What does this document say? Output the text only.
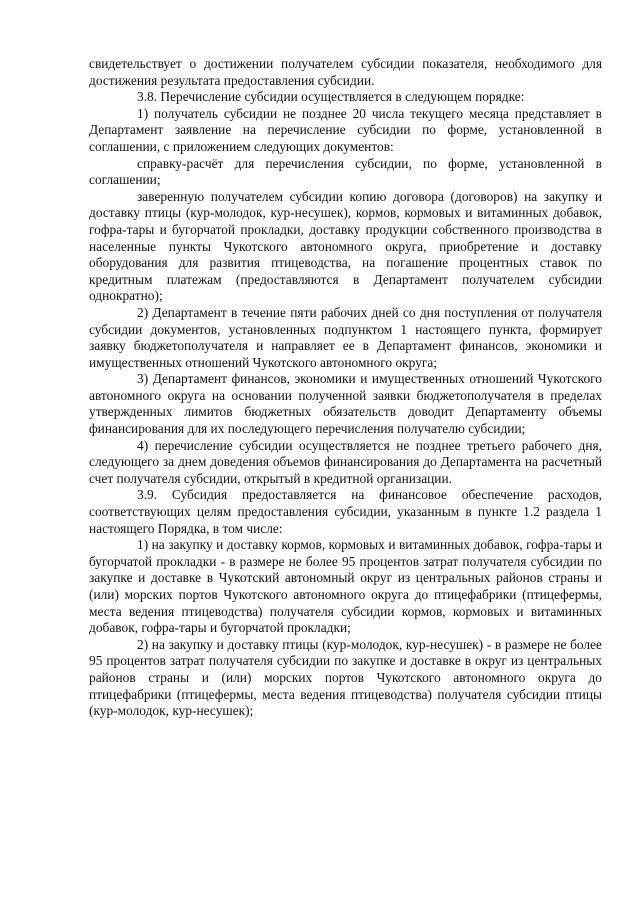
свидетельствует о достижении получателем субсидии показателя, необходимого для достижения результата предоставления субсидии.

3.8. Перечисление субсидии осуществляется в следующем порядке:

1) получатель субсидии не позднее 20 числа текущего месяца представляет в Департамент заявление на перечисление субсидии по форме, установленной в соглашении, с приложением следующих документов:

справку-расчёт для перечисления субсидии, по форме, установленной в соглашении;

заверенную получателем субсидии копию договора (договоров) на закупку и доставку птицы (кур-молодок, кур-несушек), кормов, кормовых и витаминных добавок, гофра-тары и бугорчатой прокладки, доставку продукции собственного производства в населенные пункты Чукотского автономного округа, приобретение и доставку оборудования для развития птицеводства, на погашение процентных ставок по кредитным платежам (предоставляются в Департамент получателем субсидии однократно);

2) Департамент в течение пяти рабочих дней со дня поступления от получателя субсидии документов, установленных подпунктом 1 настоящего пункта, формирует заявку бюджетополучателя и направляет ее в Департамент финансов, экономики и имущественных отношений Чукотского автономного округа;

3) Департамент финансов, экономики и имущественных отношений Чукотского автономного округа на основании полученной заявки бюджетополучателя в пределах утвержденных лимитов бюджетных обязательств доводит Департаменту объемы финансирования для их последующего перечисления получателю субсидии;

4) перечисление субсидии осуществляется не позднее третьего рабочего дня, следующего за днем доведения объемов финансирования до Департамента на расчетный счет получателя субсидии, открытый в кредитной организации.

3.9. Субсидия предоставляется на финансовое обеспечение расходов, соответствующих целям предоставления субсидии, указанным в пункте 1.2 раздела 1 настоящего Порядка, в том числе:

1) на закупку и доставку кормов, кормовых и витаминных добавок, гофра-тары и бугорчатой прокладки - в размере не более 95 процентов затрат получателя субсидии по закупке и доставке в Чукотский автономный округ из центральных районов страны и (или) морских портов Чукотского автономного округа до птицефабрики (птицефермы, места ведения птицеводства) получателя субсидии кормов, кормовых и витаминных добавок, гофра-тары и бугорчатой прокладки;

2) на закупку и доставку птицы (кур-молодок, кур-несушек) - в размере не более 95 процентов затрат получателя субсидии по закупке и доставке в округ из центральных районов страны и (или) морских портов Чукотского автономного округа до птицефабрики (птицефермы, места ведения птицеводства) получателя субсидии птицы (кур-молодок, кур-несушек);
